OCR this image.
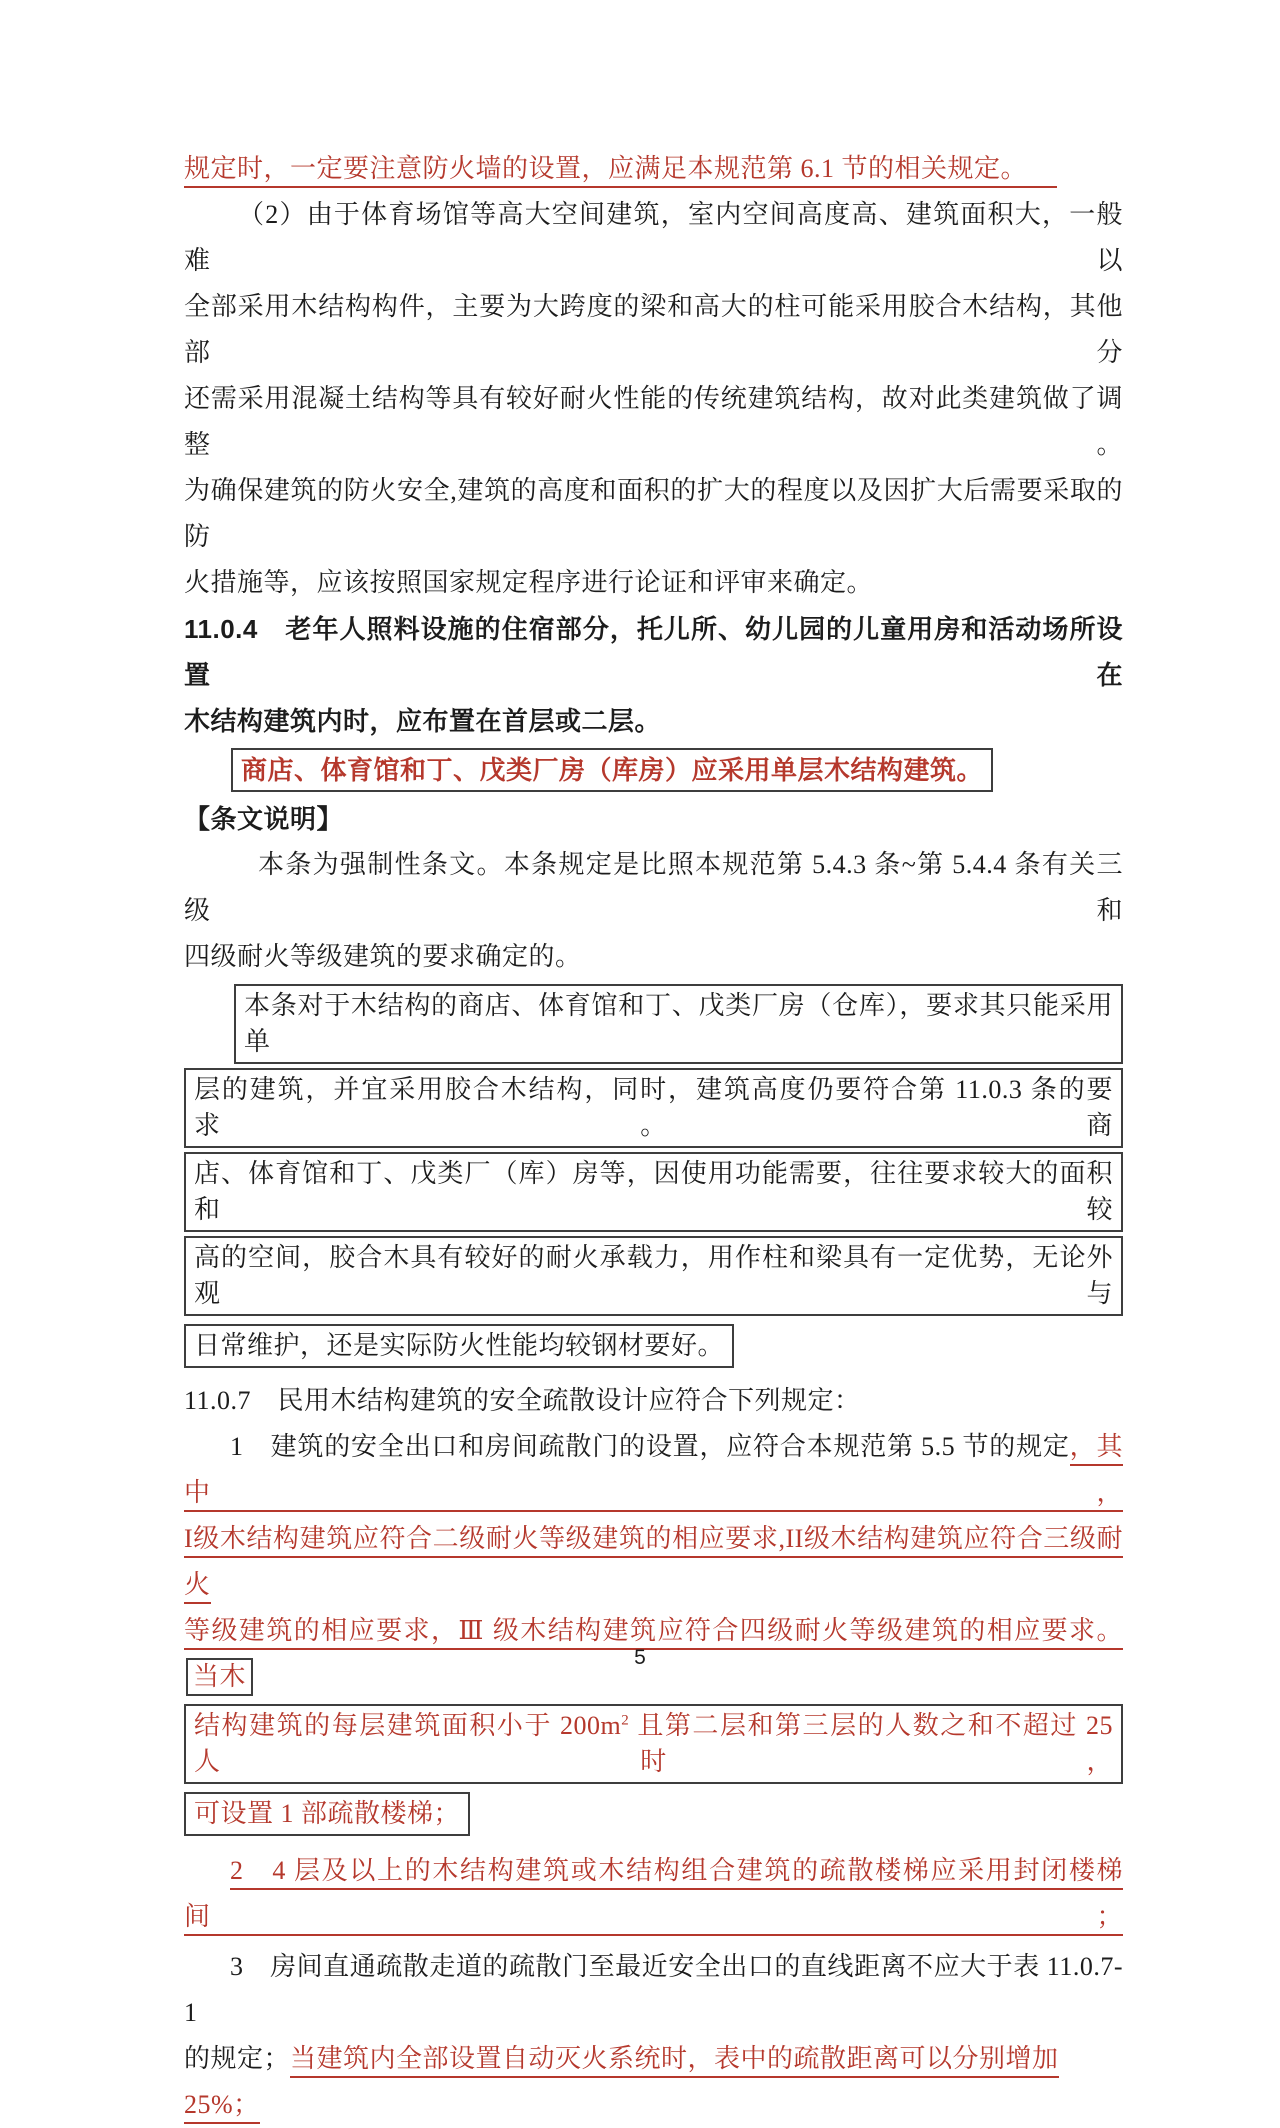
规定时，一定要注意防火墙的设置，应满足本规范第 6.1 节的相关规定。
（2）由于体育场馆等高大空间建筑，室内空间高度高、建筑面积大，一般难以
全部采用木结构构件，主要为大跨度的梁和高大的柱可能采用胶合木结构，其他部分
还需采用混凝土结构等具有较好耐火性能的传统建筑结构，故对此类建筑做了调整。
为确保建筑的防火安全,建筑的高度和面积的扩大的程度以及因扩大后需要采取的防
火措施等，应该按照国家规定程序进行论证和评审来确定。
11.0.4　老年人照料设施的住宿部分，托儿所、幼儿园的儿童用房和活动场所设置在
木结构建筑内时，应布置在首层或二层。
商店、体育馆和丁、戊类厂房（库房）应采用单层木结构建筑。
【条文说明】
本条为强制性条文。本条规定是比照本规范第 5.4.3 条~第 5.4.4 条有关三级和
四级耐火等级建筑的要求确定的。
本条对于木结构的商店、体育馆和丁、戊类厂房（仓库），要求其只能采用单
层的建筑，并宜采用胶合木结构，同时，建筑高度仍要符合第 11.0.3 条的要求。商
店、体育馆和丁、戊类厂（库）房等，因使用功能需要，往往要求较大的面积和较
高的空间，胶合木具有较好的耐火承载力，用作柱和梁具有一定优势，无论外观与
日常维护，还是实际防火性能均较钢材要好。
11.0.7　民用木结构建筑的安全疏散设计应符合下列规定：
1　建筑的安全出口和房间疏散门的设置，应符合本规范第 5.5 节的规定，其中，
I级木结构建筑应符合二级耐火等级建筑的相应要求,II级木结构建筑应符合三级耐火
等级建筑的相应要求，Ⅲ 级木结构建筑应符合四级耐火等级建筑的相应要求。当木
结构建筑的每层建筑面积小于 $200m^2$ 且第二层和第三层的人数之和不超过 25 人时，
可设置 1 部疏散楼梯；
2　4 层及以上的木结构建筑或木结构组合建筑的疏散楼梯应采用封闭楼梯间；
3　房间直通疏散走道的疏散门至最近安全出口的直线距离不应大于表 11.0.7-1
的规定；当建筑内全部设置自动灭火系统时，表中的疏散距离可以分别增加 25%；
5
